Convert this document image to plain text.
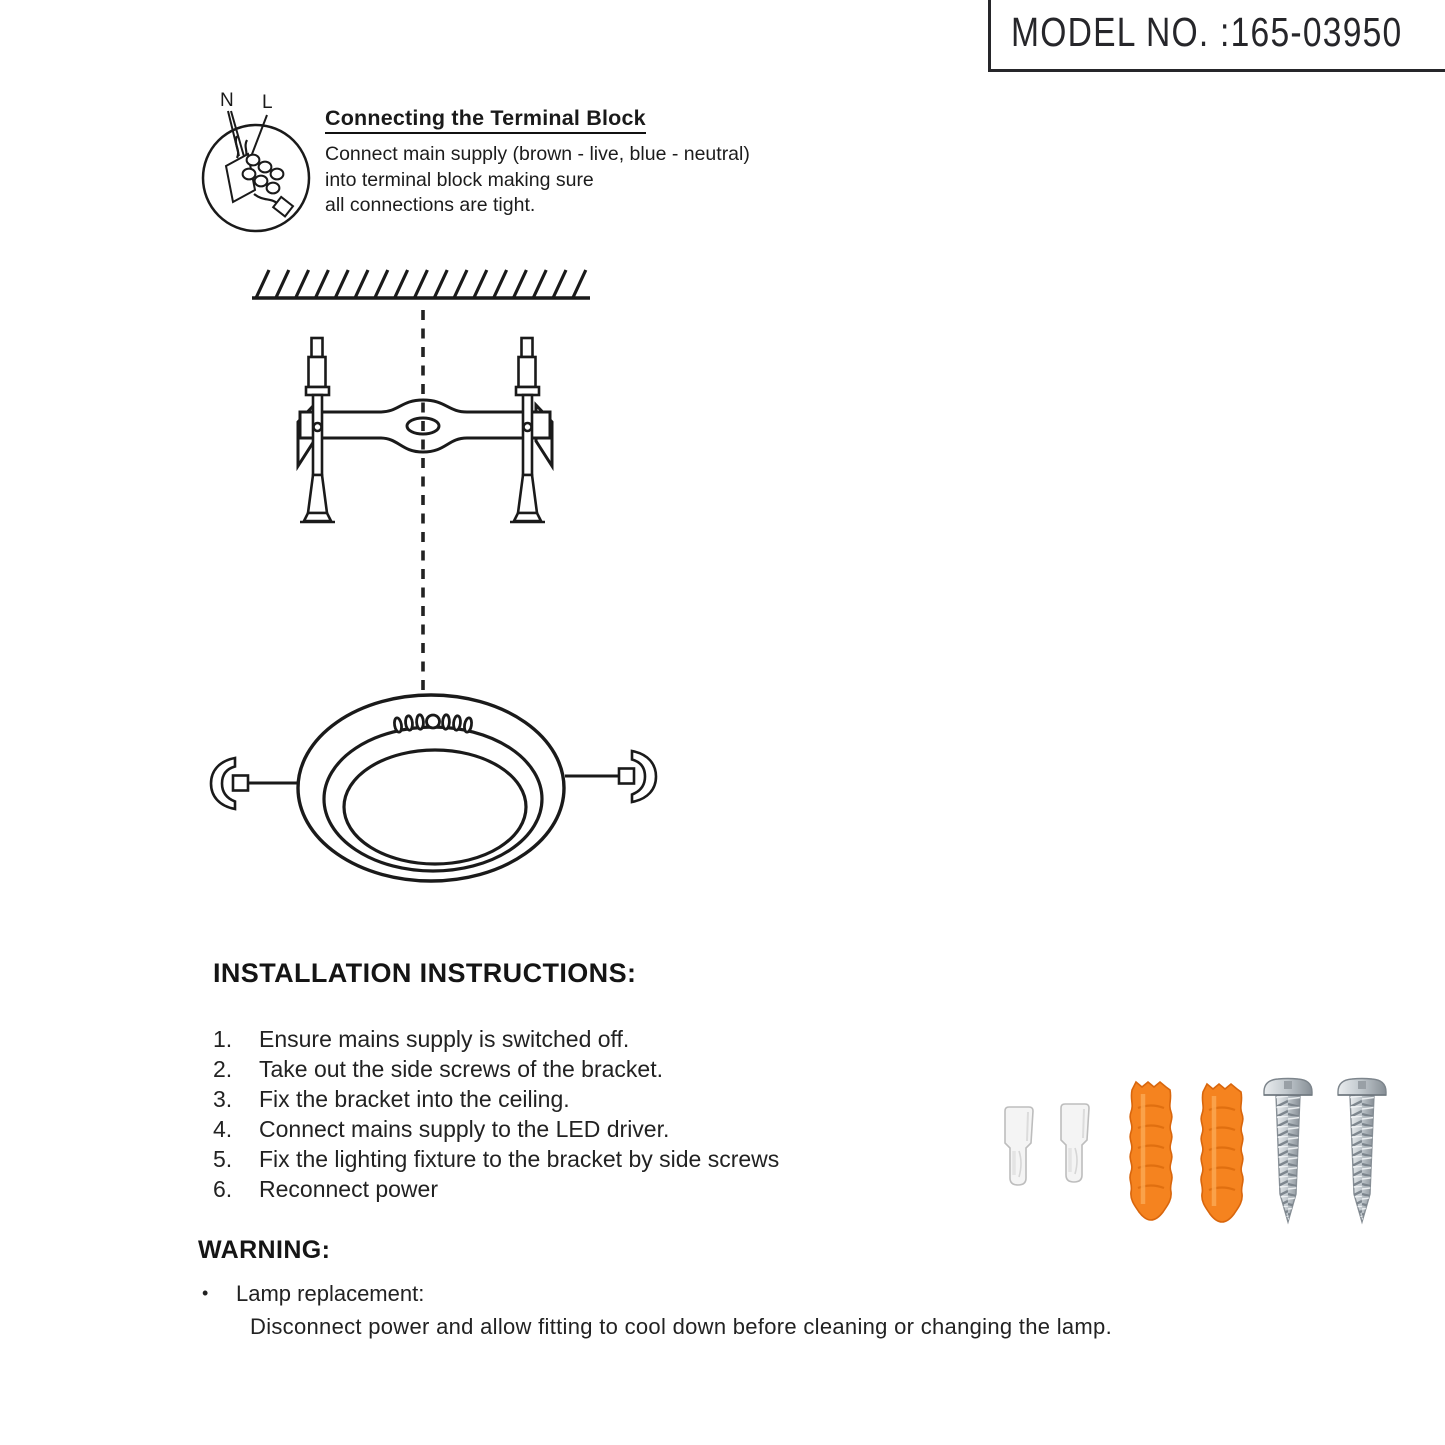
MODEL NO. :165-03950
N L
Connecting the Terminal Block
Connect main supply (brown - live, blue - neutral)
into terminal block making sure
all connections are tight.
INSTALLATION INSTRUCTIONS:
1.	Ensure mains supply is switched off.
2.	Take out the side screws of the bracket.
3.	Fix the bracket into the ceiling.
4.	Connect mains supply to the LED driver.
5.	Fix the lighting fixture to the bracket by side screws
6.	Reconnect power
WARNING:
•	Lamp replacement:
Disconnect power and allow fitting to cool down before cleaning or changing the lamp.
